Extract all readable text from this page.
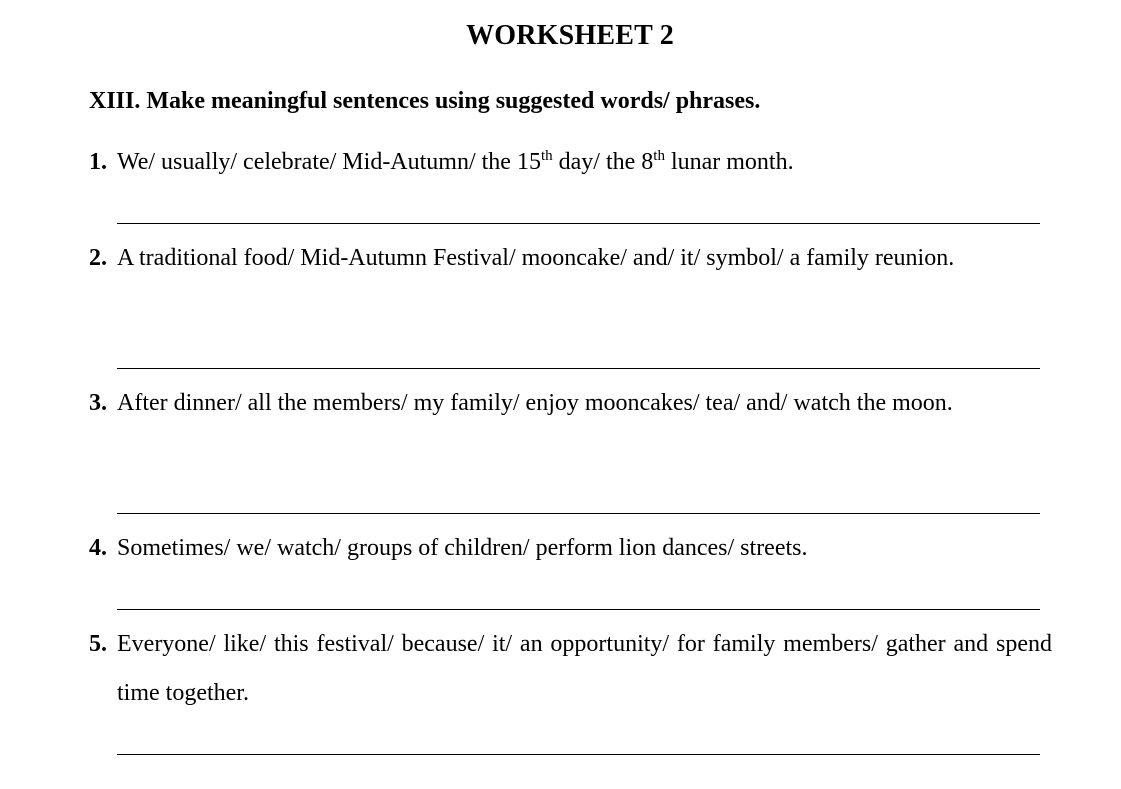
WORKSHEET 2
XIII. Make meaningful sentences using suggested words/ phrases.
1. We/ usually/ celebrate/ Mid-Autumn/ the 15th day/ the 8th lunar month.
2. A traditional food/ Mid-Autumn Festival/ mooncake/ and/ it/ symbol/ a family reunion.
3. After dinner/ all the members/ my family/ enjoy mooncakes/ tea/ and/ watch the moon.
4. Sometimes/ we/ watch/ groups of children/ perform lion dances/ streets.
5. Everyone/ like/ this festival/ because/ it/ an opportunity/ for family members/ gather and spend time together.
